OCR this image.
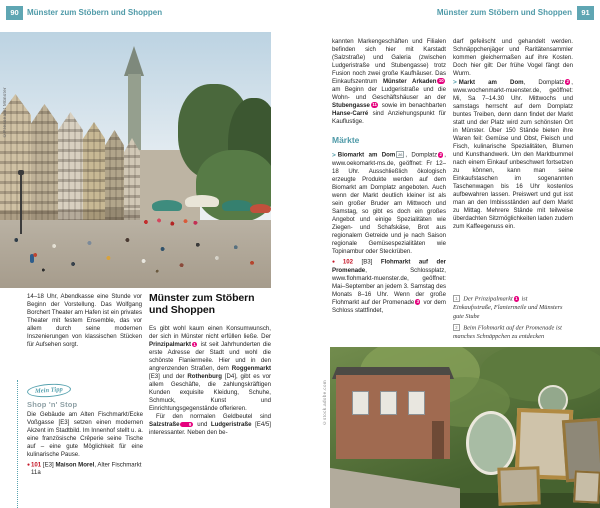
90	Münster zum Stöbern und Shoppen	Münster zum Stöbern und Shoppen	91
©Presseamt Münster

14–18 Uhr, Abendkasse eine Stunde vor Beginn der Vorstellung. Das Wolfgang Borchert Theater am Hafen ist ein privates Theater mit festem Ensemble, das vor allem durch seine modernen Inszenierungen von klassischen Stücken für Aufsehen sorgt.

Mein Tipp
Shop 'n' Stop
Die Gebäude am Alten Fischmarkt/Ecke Voßgasse [E3] setzen einen modernen Akzent im Stadtbild. Im Innenhof stellt u. a. eine französische Crêperie seine Tische auf – eine gute Möglichkeit für eine kulinarische Pause.
●101 [E3] Maison Morel, Alter Fischmarkt 11a
Münster zum Stöbern und Shoppen
Es gibt wohl kaum einen Konsumwunsch, der sich in Münster nicht erfüllen ließe. Der Prinzipalmarkt 1 ist seit Jahrhunderten die erste Adresse der Stadt und wohl die schönste Flaniermeile. Hier und in den angrenzenden Straßen, dem Roggenmarkt [E3] und der Rothenburg [D4], gibt es vor allem Geschäfte, die zahlungskräftigen Kunden exquisite Kleidung, Schuhe, Schmuck, Kunst und Einrichtungsgegenstände offerieren.
Für den normalen Geldbeutel sind Salzstraße 9 und Ludgeristraße [E4/5] interessanter. Neben den be-
kannten Markengeschäften und Filialen befinden sich hier mit Karstadt (Salzstraße) und Galeria (zwischen Ludgeristraße und Stubengasse) trotz Fusion noch zwei große Kaufhäuser. Das Einkaufszentrum Münster Arkaden 10 am Beginn der Ludgeristraße und die Wohn- und Geschäftshäuser an der Stubengasse 11 sowie im benachbarten Hanse-Carré sind Anziehungspunkt für Kauflustige.
Märkte
> Biomarkt am Dom 26 , Domplatz 2 , www.oekomarkt-ms.de, geöffnet: Fr 12–18 Uhr. Ausschließlich ökologisch erzeugte Produkte werden auf dem Biomarkt am Domplatz angeboten. Auch wenn der Markt deutlich kleiner ist als sein großer Bruder am Mittwoch und Samstag, so gibt es doch ein großes Angebot und einige Spezialitäten wie Ziegen- und Schafskäse, Brot aus regionalem Getreide und je nach Saison regionale Gemüsespezialitäten wie Topinambur oder Steckrüben.
●102 [B3] Flohmarkt auf der Promenade, Schlossplatz, www.flohmarkt-muenster.de, geöffnet: Mai–September an jedem 3. Samstag des Monats 8–16 Uhr. Wenn der große Flohmarkt auf der Promenade 3 vor dem Schloss stattfindet,
darf gefeilscht und gehandelt werden. Schnäppchenjäger und Raritätensammler kommen gleichermaßen auf ihre Kosten. Doch hier gilt: Der frühe Vogel fängt den Wurm.
> Markt am Dom, Domplatz 2 , www.wochenmarkt-muenster.de, geöffnet: Mi, Sa 7–14.30 Uhr. Mittwochs und samstags herrscht auf dem Domplatz buntes Treiben, denn dann findet der Markt statt und der Platz wird zum schönsten Ort in Münster. Über 150 Stände bieten ihre Waren feil: Gemüse und Obst, Fleisch und Fisch, kulinarische Spezialitäten, Blumen und Kunsthandwerk. Um den Marktbummel nach einem Einkauf unbeschwert fortsetzen zu können, kann man seine Einkaufstaschen im sogenannten Taschenwagen bis 16 Uhr kostenlos aufbewahren lassen. Preiswert und gut isst man an den Imbissständen auf dem Markt zu Mittag. Mehrere Stände mit teilweise überdachten Sitzmöglichkeiten laden zudem zum Kaffeegenuss ein.
1 Der Prinzipalmarkt 1 ist Einkaufsstraße, Flaniermeile und Münsters gute Stube
2 Beim Flohmarkt auf der Promenade ist manches Schnäppchen zu entdecken
©stock.adobe.com
